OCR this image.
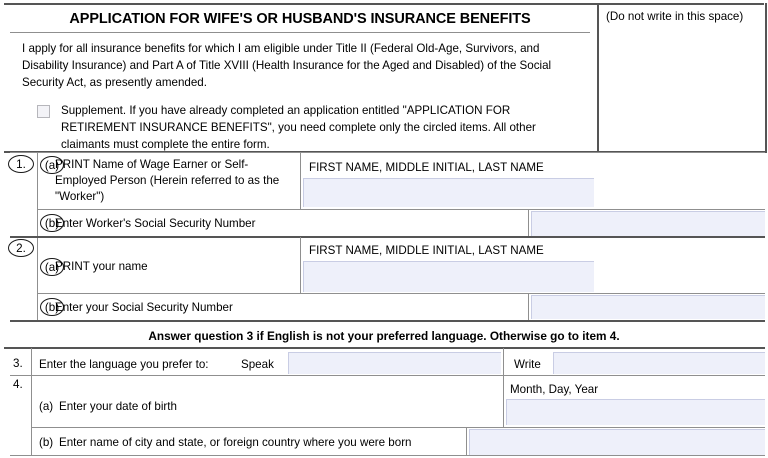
APPLICATION FOR WIFE'S OR HUSBAND'S INSURANCE BENEFITS	(Do not write in this space)
I apply for all insurance benefits for which I am eligible under Title II (Federal Old-Age, Survivors, and Disability Insurance) and Part A of Title XVIII (Health Insurance for the Aged and Disabled) of the Social Security Act, as presently amended.
Supplement. If you have already completed an application entitled "APPLICATION FOR RETIREMENT INSURANCE BENEFITS", you need complete only the circled items. All other claimants must complete the entire form.
1.	(a)
PRINT Name of Wage Earner or Self- Employed Person (Herein referred to as the "Worker")
FIRST NAME, MIDDLE INITIAL, LAST NAME
(b)
Enter Worker's Social Security Number
2.
(a)
PRINT your name
FIRST NAME, MIDDLE INITIAL, LAST NAME
(b)
Enter your Social Security Number
Answer question 3 if English is not your preferred language. Otherwise go to item 4.
3. Enter the language you prefer to:	Speak	Write
4.
(a) Enter your date of birth
Month, Day, Year
(b) Enter name of city and state, or foreign country where you were born
